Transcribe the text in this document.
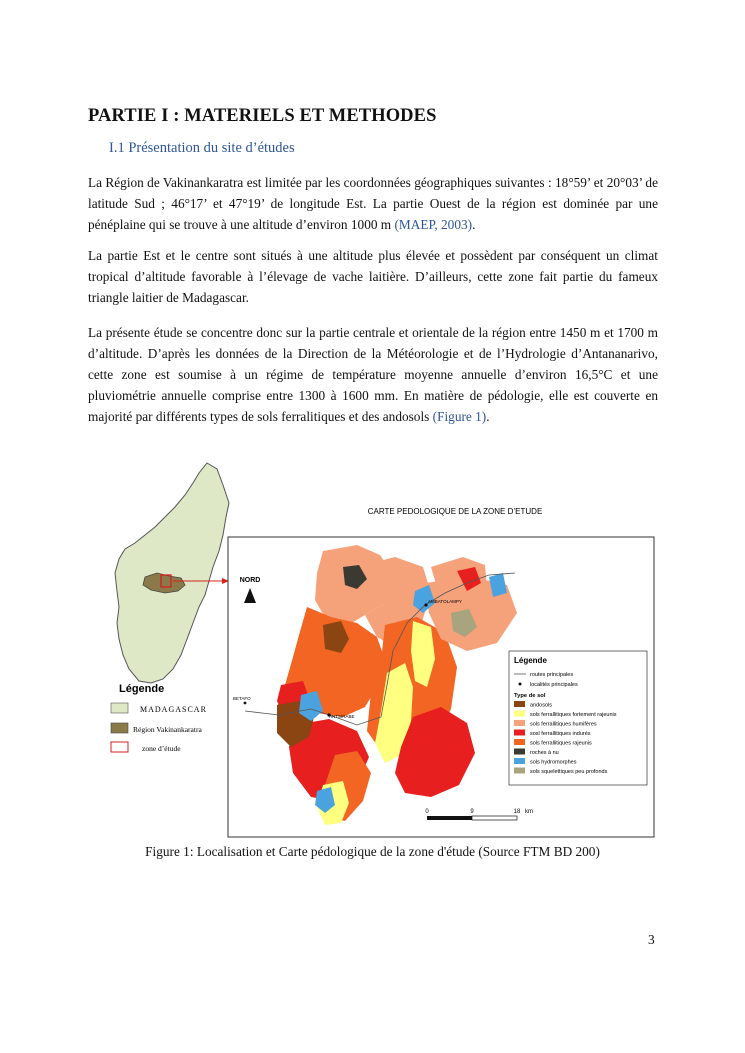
PARTIE I : MATERIELS ET METHODES
I.1 Présentation du site d’études

La Région de Vakinankaratra est limitée par les coordonnées géographiques suivantes : 18°59’ et 20°03’ de latitude Sud ; 46°17’ et 47°19’ de longitude Est. La partie Ouest de la région est dominée par une pénéplaine qui se trouve à une altitude d’environ 1000 m (MAEP, 2003).

La partie Est et le centre sont situés à une altitude plus élevée et possèdent par conséquent un climat tropical d’altitude favorable à l’élevage de vache laitière. D’ailleurs, cette zone fait partie du fameux triangle laitier de Madagascar.

La présente étude se concentre donc sur la partie centrale et orientale de la région entre 1450 m et 1700 m d’altitude. D’après les données de la Direction de la Météorologie et de l’Hydrologie d’Antananarivo, cette zone est soumise à un régime de température moyenne annuelle d’environ 16,5°C et une pluviométrie annuelle comprise entre 1300 à 1600 mm. En matière de pédologie, elle est couverte en majorité par différents types de sols ferralitiques et des andosols (Figure 1).

Légende
MADAGASCAR
Région Vakinankaratra
zone d’étude
CARTE PEDOLOGIQUE DE LA ZONE D’ETUDE
NORD
AMBATOLAMPY
BETAFO
ANTSIRABE
Légende
routes principales
localités principales
Type de sol
andosols
sols ferrallitiques fortement rajeunis
sols ferrallitiques humifères
sosl ferrallitiques indurés
sols ferrallitiques rajeunis
roches à nu
sols hydromorphes
sols squelettiques peu profonds
0	9	18 km
Figure 1: Localisation et Carte pédologique de la zone d'étude (Source FTM BD 200)
3
